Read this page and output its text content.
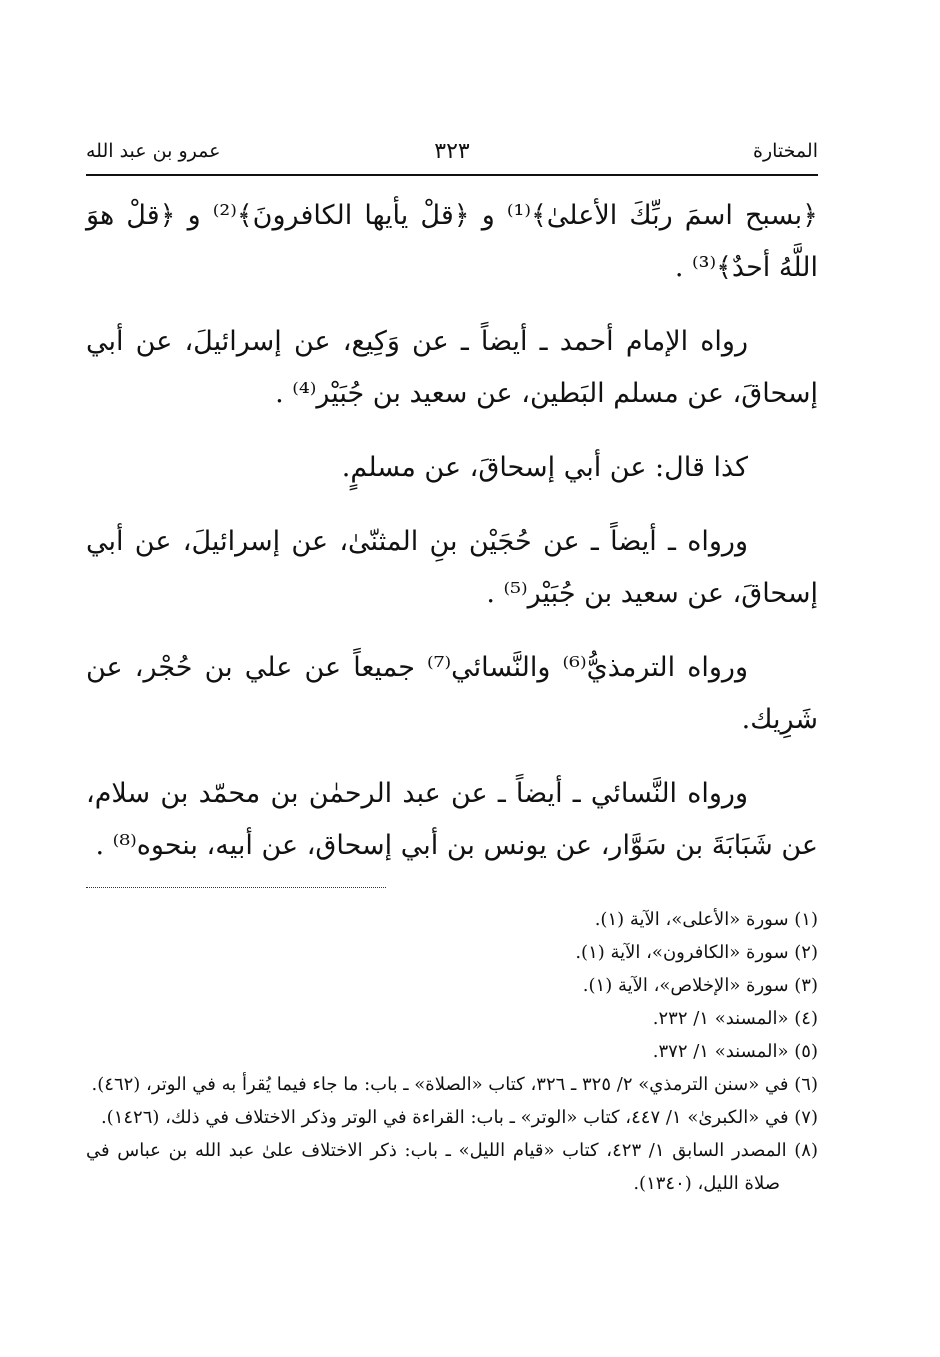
المختارة
٣٢٣
عمرو بن عبد الله

﴿بسبح اسمَ ربِّكَ الأعلىٰ﴾⁽¹⁾ و ﴿قلْ يأيها الكافرونَ﴾⁽²⁾ و ﴿قلْ هوَ اللَّهُ أحدٌ﴾⁽³⁾ .

رواه الإمام أحمد ـ أيضاً ـ عن وَكِيع، عن إسرائيلَ، عن أبي إسحاقَ، عن مسلم البَطين، عن سعيد بن جُبَيْر⁽⁴⁾ .

كذا قال: عن أبي إسحاقَ، عن مسلمٍ.

ورواه ـ أيضاً ـ عن حُجَيْن بنِ المثنّىٰ، عن إسرائيلَ، عن أبي إسحاقَ، عن سعيد بن جُبَيْر⁽⁵⁾ .

ورواه الترمذيُّ⁽⁶⁾ والنَّسائي⁽⁷⁾ جميعاً عن علي بن حُجْر، عن شَرِيك.

ورواه النَّسائي ـ أيضاً ـ عن عبد الرحمٰن بن محمّد بن سلام، عن شَبَابَةَ بن سَوَّار، عن يونس بن أبي إسحاق، عن أبيه، بنحوه⁽⁸⁾ .

(١) سورة «الأعلى»، الآية (١).

(٢) سورة «الكافرون»، الآية (١).

(٣) سورة «الإخلاص»، الآية (١).

(٤) «المسند» ١/ ٢٣٢.

(٥) «المسند» ١/ ٣٧٢.

(٦) في «سنن الترمذي» ٢/ ٣٢٥ ـ ٣٢٦، كتاب «الصلاة» ـ باب: ما جاء فيما يُقرأ به في الوتر، (٤٦٢).

(٧) في «الكبرىٰ» ١/ ٤٤٧، كتاب «الوتر» ـ باب: القراءة في الوتر وذكر الاختلاف في ذلك، (١٤٢٦).

(٨) المصدر السابق ١/ ٤٢٣، كتاب «قيام الليل» ـ باب: ذكر الاختلاف علىٰ عبد الله بن عباس في صلاة الليل، (١٣٤٠).
